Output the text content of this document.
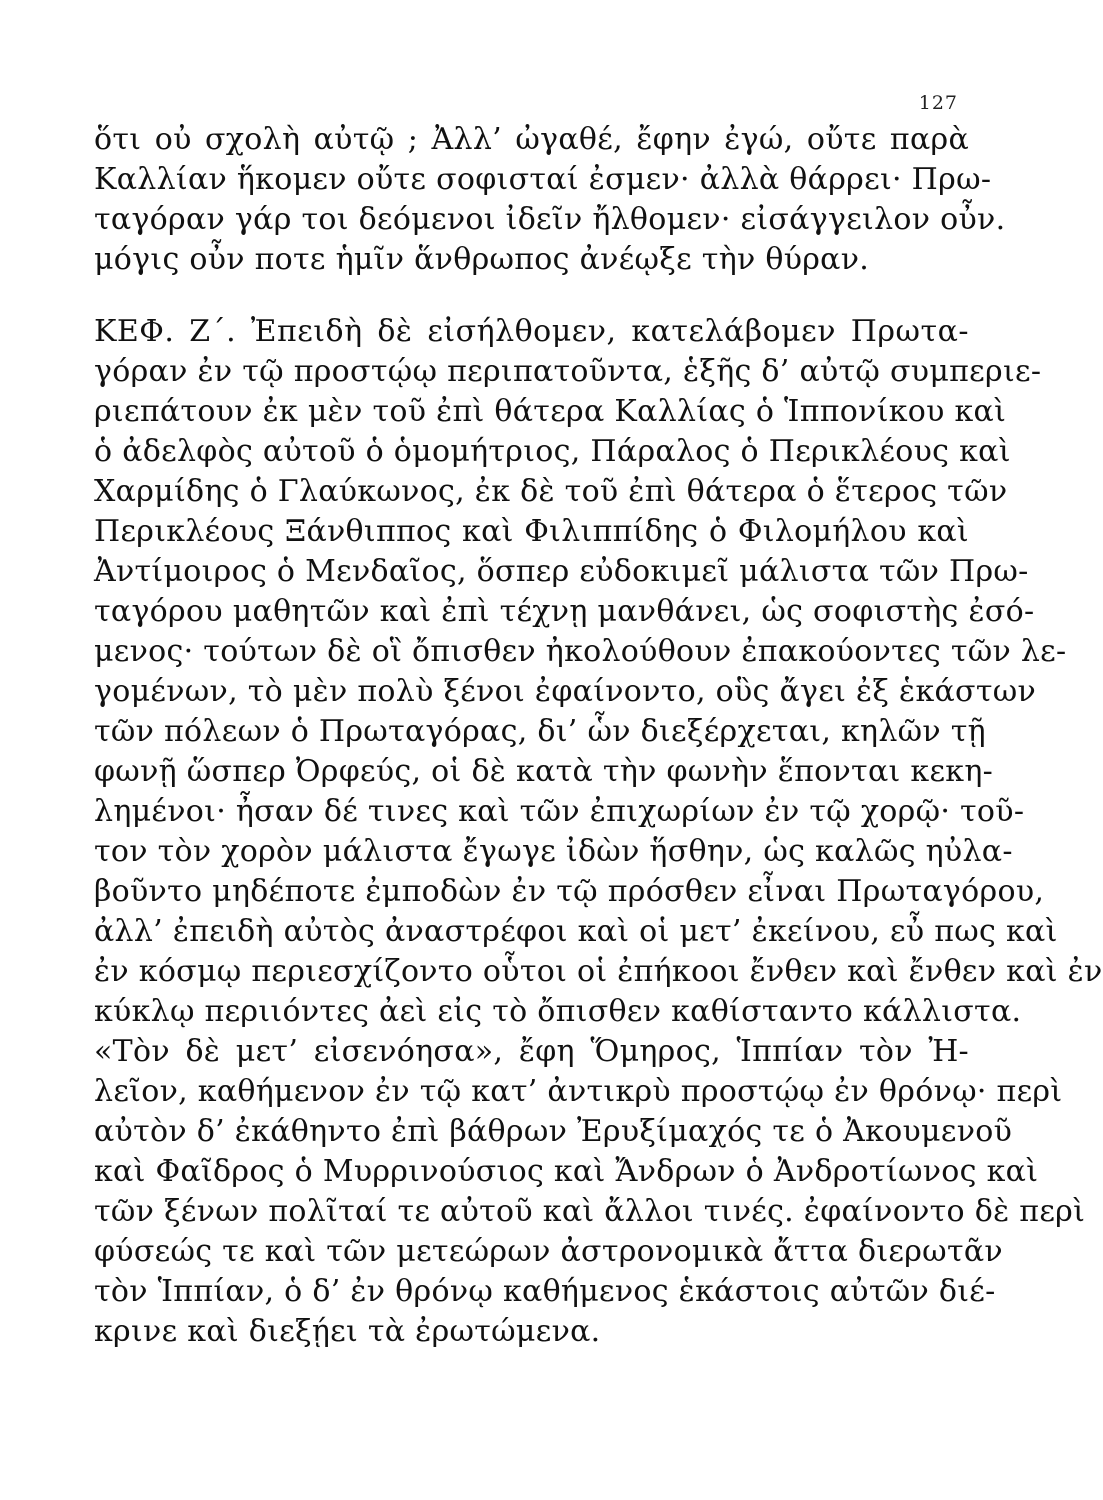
127
ὅτι οὐ σχολὴ αὐτῷ ; Ἀλλ’ ὠγαθέ, ἔφην ἐγώ, οὔτε παρὰ
Καλλίαν ἥκομεν οὔτε σοφισταί ἐσμεν· ἀλλὰ θάρρει· Πρω-
ταγόραν γάρ τοι δεόμενοι ἰδεῖν ἤλθομεν· εἰσάγγειλον οὖν.
μόγις οὖν ποτε ἡμῖν ἅνθρωπος ἀνέῳξε τὴν θύραν.
ΚΕΦ. Ζ΄. Ἐπειδὴ δὲ εἰσήλθομεν, κατελάβομεν Πρωτα-
γόραν ἐν τῷ προστῴῳ περιπατοῦντα, ἑξῆς δ’ αὐτῷ συμπεριε-
ριεπάτουν ἐκ μὲν τοῦ ἐπὶ θάτερα Καλλίας ὁ Ἱππονίκου καὶ
ὁ ἀδελφὸς αὐτοῦ ὁ ὁμομήτριος, Πάραλος ὁ Περικλέους καὶ
Χαρμίδης ὁ Γλαύκωνος, ἐκ δὲ τοῦ ἐπὶ θάτερα ὁ ἕτερος τῶν
Περικλέους Ξάνθιππος καὶ Φιλιππίδης ὁ Φιλομήλου καὶ
Ἀντίμοιρος ὁ Μενδαῖος, ὅσπερ εὐδοκιμεῖ μάλιστα τῶν Πρω-
ταγόρου μαθητῶν καὶ ἐπὶ τέχνῃ μανθάνει, ὡς σοφιστὴς ἐσό-
μενος· τούτων δὲ οἳ ὄπισθεν ἠκολούθουν ἐπακούοντες τῶν λε-
γομένων, τὸ μὲν πολὺ ξένοι ἐφαίνοντο, οὓς ἄγει ἐξ ἑκάστων
τῶν πόλεων ὁ Πρωταγόρας, δι’ ὧν διεξέρχεται, κηλῶν τῇ
φωνῇ ὥσπερ Ὀρφεύς, οἱ δὲ κατὰ τὴν φωνὴν ἕπονται κεκη-
λημένοι· ἦσαν δέ τινες καὶ τῶν ἐπιχωρίων ἐν τῷ χορῷ· τοῦ-
τον τὸν χορὸν μάλιστα ἔγωγε ἰδὼν ἥσθην, ὡς καλῶς ηὐλα-
βοῦντο μηδέποτε ἐμποδὼν ἐν τῷ πρόσθεν εἶναι Πρωταγόρου,
ἀλλ’ ἐπειδὴ αὐτὸς ἀναστρέφοι καὶ οἱ μετ’ ἐκείνου, εὖ πως καὶ
ἐν κόσμῳ περιεσχίζοντο οὗτοι οἱ ἐπήκοοι ἔνθεν καὶ ἔνθεν καὶ ἐν
κύκλῳ περιιόντες ἀεὶ εἰς τὸ ὄπισθεν καθίσταντο κάλλιστα.
«Τὸν δὲ μετ’ εἰσενόησα», ἔφη Ὅμηρος, Ἱππίαν τὸν Ἠ-
λεῖον, καθήμενον ἐν τῷ κατ’ ἀντικρὺ προστῴῳ ἐν θρόνῳ· περὶ
αὐτὸν δ’ ἐκάθηντο ἐπὶ βάθρων Ἐρυξίμαχός τε ὁ Ἀκουμενοῦ
καὶ Φαῖδρος ὁ Μυρρινούσιος καὶ Ἄνδρων ὁ Ἀνδροτίωνος καὶ
τῶν ξένων πολῖταί τε αὐτοῦ καὶ ἄλλοι τινές. ἐφαίνοντο δὲ περὶ
φύσεώς τε καὶ τῶν μετεώρων ἀστρονομικὰ ἄττα διερωτᾶν
τὸν Ἱππίαν, ὁ δ’ ἐν θρόνῳ καθήμενος ἑκάστοις αὐτῶν διέ-
κρινε καὶ διεξῄει τὰ ἐρωτώμενα.
